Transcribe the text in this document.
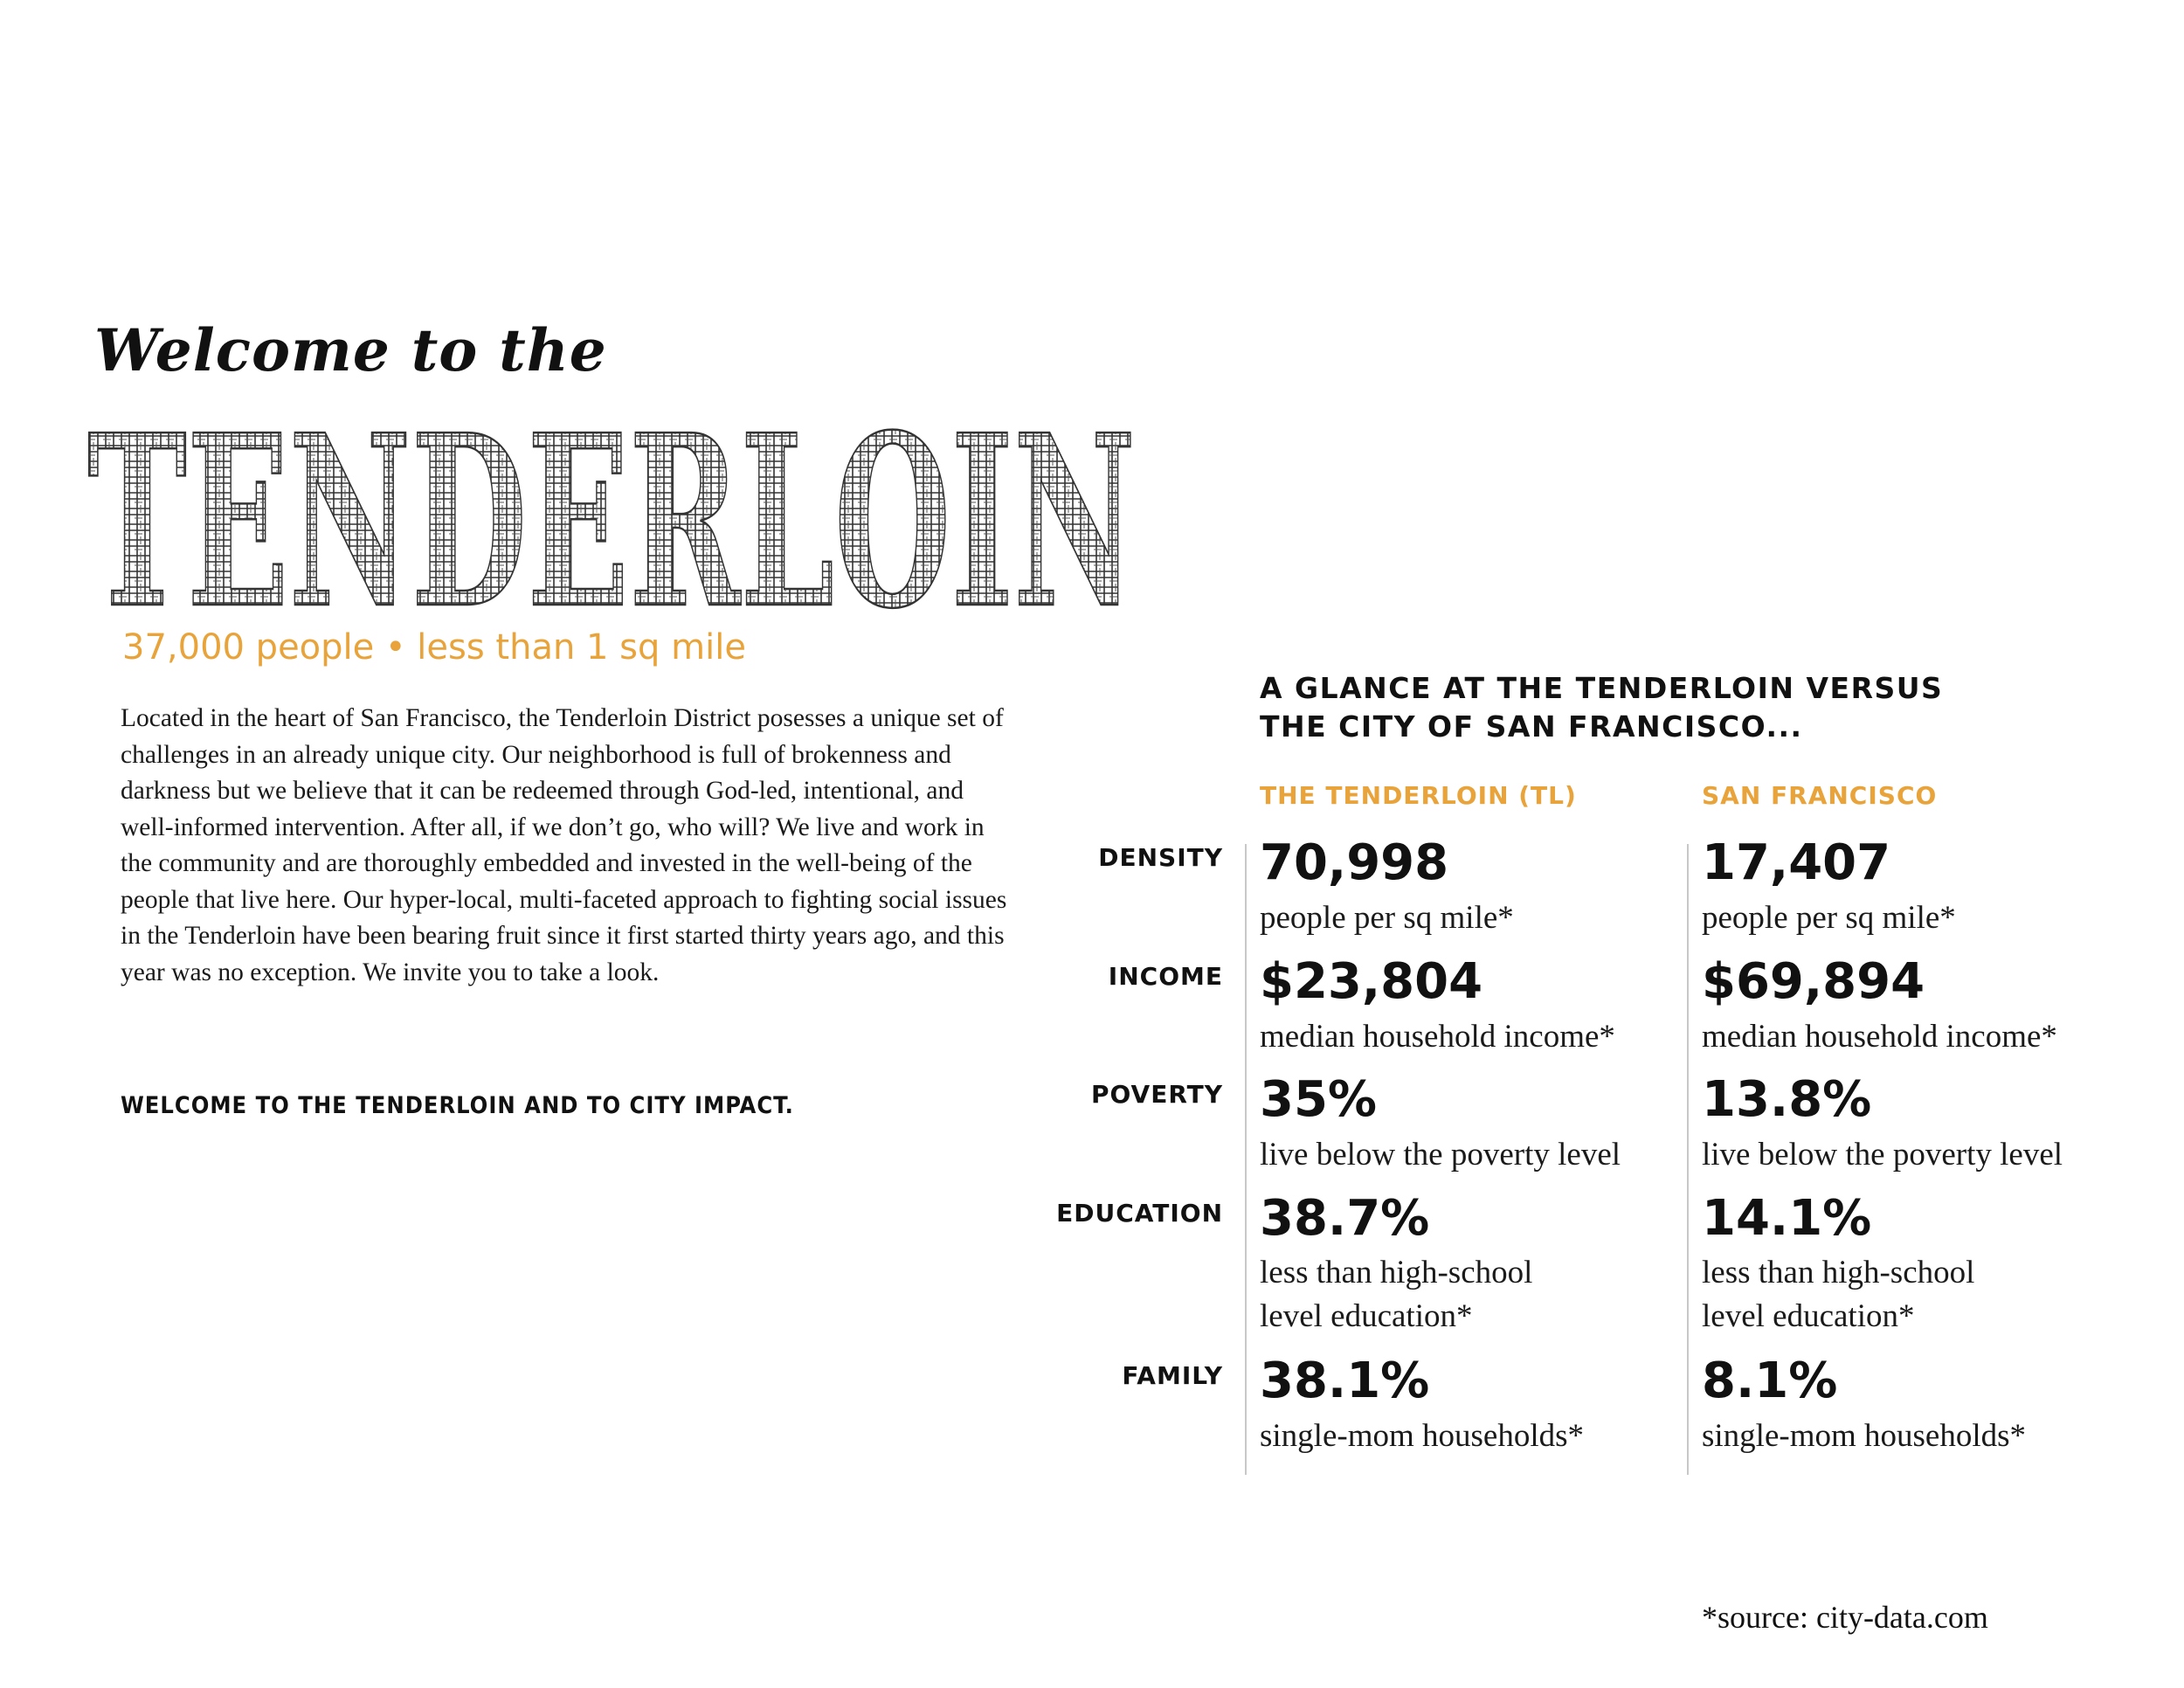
Welcome to the
TENDERLOIN
37,000 people • less than 1 sq mile

Located in the heart of San Francisco, the Tenderloin District posesses a unique set of challenges in an already unique city. Our neighborhood is full of brokenness and darkness but we believe that it can be redeemed through God-led, intentional, and well-informed intervention. After all, if we don’t go, who will? We live and work in the community and are thoroughly embedded and invested in the well-being of the people that live here. Our hyper-local, multi-faceted approach to fighting social issues in the Tenderloin have been bearing fruit since it first started thirty years ago, and this year was no exception. We invite you to take a look.

WELCOME TO THE TENDERLOIN AND TO CITY IMPACT.
A GLANCE AT THE TENDERLOIN VERSUS
THE CITY OF SAN FRANCISCO...
THE TENDERLOIN (TL)	SAN FRANCISCO
DENSITY 70,998
people per sq mile*
17,407
people per sq mile*
INCOME $23,804
median household income*
$69,894
median household income*
POVERTY 35%
live below the poverty level
13.8%
live below the poverty level
EDUCATION 38.7%
less than high-school
level education*
14.1%
less than high-school
level education*
FAMILY 38.1%
single-mom households*
8.1%
single-mom households*
*source: city-data.com
